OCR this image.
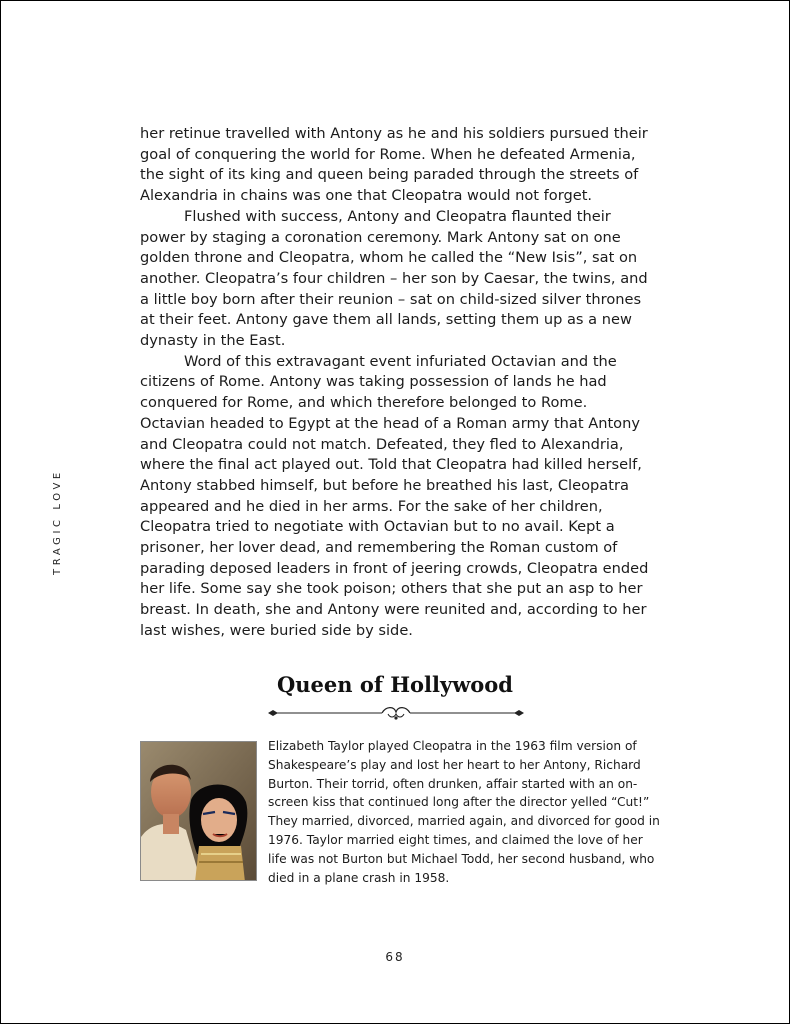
TRAGIC LOVE

her retinue travelled with Antony as he and his soldiers pursued their goal of conquering the world for Rome. When he defeated Armenia, the sight of its king and queen being paraded through the streets of Alexandria in chains was one that Cleopatra would not forget.

Flushed with success, Antony and Cleopatra flaunted their power by staging a coronation ceremony. Mark Antony sat on one golden throne and Cleopatra, whom he called the “New Isis”, sat on another. Cleopatra’s four children – her son by Caesar, the twins, and a little boy born after their reunion – sat on child-sized silver thrones at their feet. Antony gave them all lands, setting them up as a new dynasty in the East.

Word of this extravagant event infuriated Octavian and the citizens of Rome. Antony was taking possession of lands he had conquered for Rome, and which therefore belonged to Rome. Octavian headed to Egypt at the head of a Roman army that Antony and Cleopatra could not match. Defeated, they fled to Alexandria, where the final act played out. Told that Cleopatra had killed herself, Antony stabbed himself, but before he breathed his last, Cleopatra appeared and he died in her arms. For the sake of her children, Cleopatra tried to negotiate with Octavian but to no avail. Kept a prisoner, her lover dead, and remembering the Roman custom of parading deposed leaders in front of jeering crowds, Cleopatra ended her life. Some say she took poison; others that she put an asp to her breast. In death, she and Antony were reunited and, according to her last wishes, were buried side by side.

Queen of Hollywood

Elizabeth Taylor played Cleopatra in the 1963 film version of Shakespeare’s play and lost her heart to her Antony, Richard Burton. Their torrid, often drunken, affair started with an on-screen kiss that continued long after the director yelled “Cut!” They married, divorced, married again, and divorced for good in 1976. Taylor married eight times, and claimed the love of her life was not Burton but Michael Todd, her second husband, who died in a plane crash in 1958.

68
